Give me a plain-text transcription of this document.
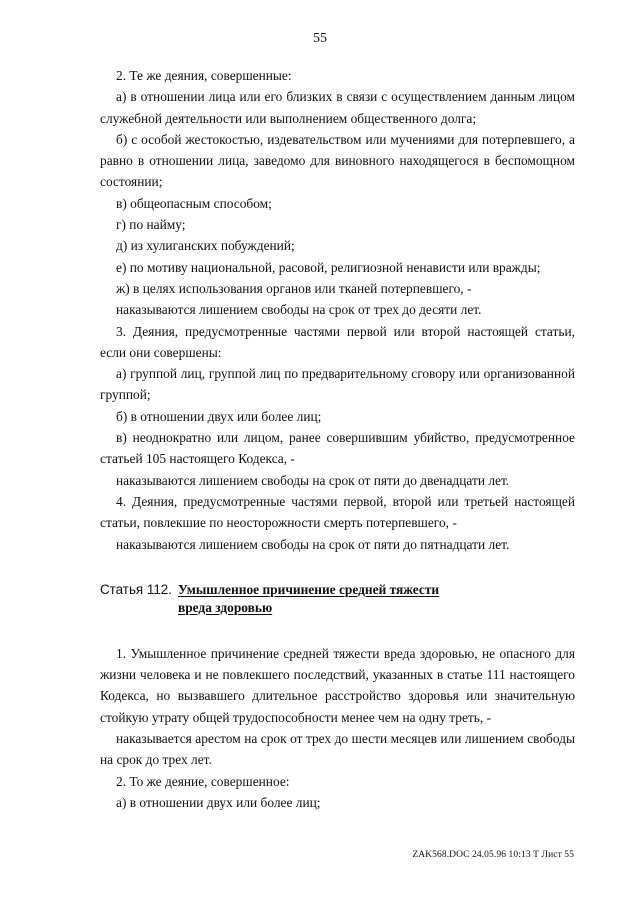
55

2. Те же деяния, совершенные:

а) в отношении лица или его близких в связи с осуществлением данным лицом служебной деятельности или выполнением общественного долга;

б) с особой жестокостью, издевательством или мучениями для потерпевшего, а равно в отношении лица, заведомо для виновного находящегося в беспомощном состоянии;

в) общеопасным способом;

г) по найму;

д) из хулиганских побуждений;

е) по мотиву национальной, расовой, религиозной ненависти или вражды;

ж) в целях использования органов или тканей потерпевшего, -

наказываются лишением свободы на срок от трех до десяти лет.

3. Деяния, предусмотренные частями первой или второй настоящей статьи, если они совершены:

а) группой лиц, группой лиц по предварительному сговору или организованной группой;

б) в отношении двух или более лиц;

в) неоднократно или лицом, ранее совершившим убийство, предусмотренное статьей 105 настоящего Кодекса, -

наказываются лишением свободы на срок от пяти до двенадцати лет.

4. Деяния, предусмотренные частями первой, второй или третьей настоящей статьи, повлекшие по неосторожности смерть потерпевшего, -

наказываются лишением свободы на срок от пяти до пятнадцати лет.

Статья 112. Умышленное причинение средней тяжести
вреда здоровью

1. Умышленное причинение средней тяжести вреда здоровью, не опасного для жизни человека и не повлекшего последствий, указанных в статье 111 настоящего Кодекса, но вызвавшего длительное расстройство здоровья или значительную стойкую утрату общей трудоспособности менее чем на одну треть, -

наказывается арестом на срок от трех до шести месяцев или лишением свободы на срок до трех лет.

2. То же деяние, совершенное:

а) в отношении двух или более лиц;

ZAK568.DOC 24.05.96 10:13 Т Лист 55
